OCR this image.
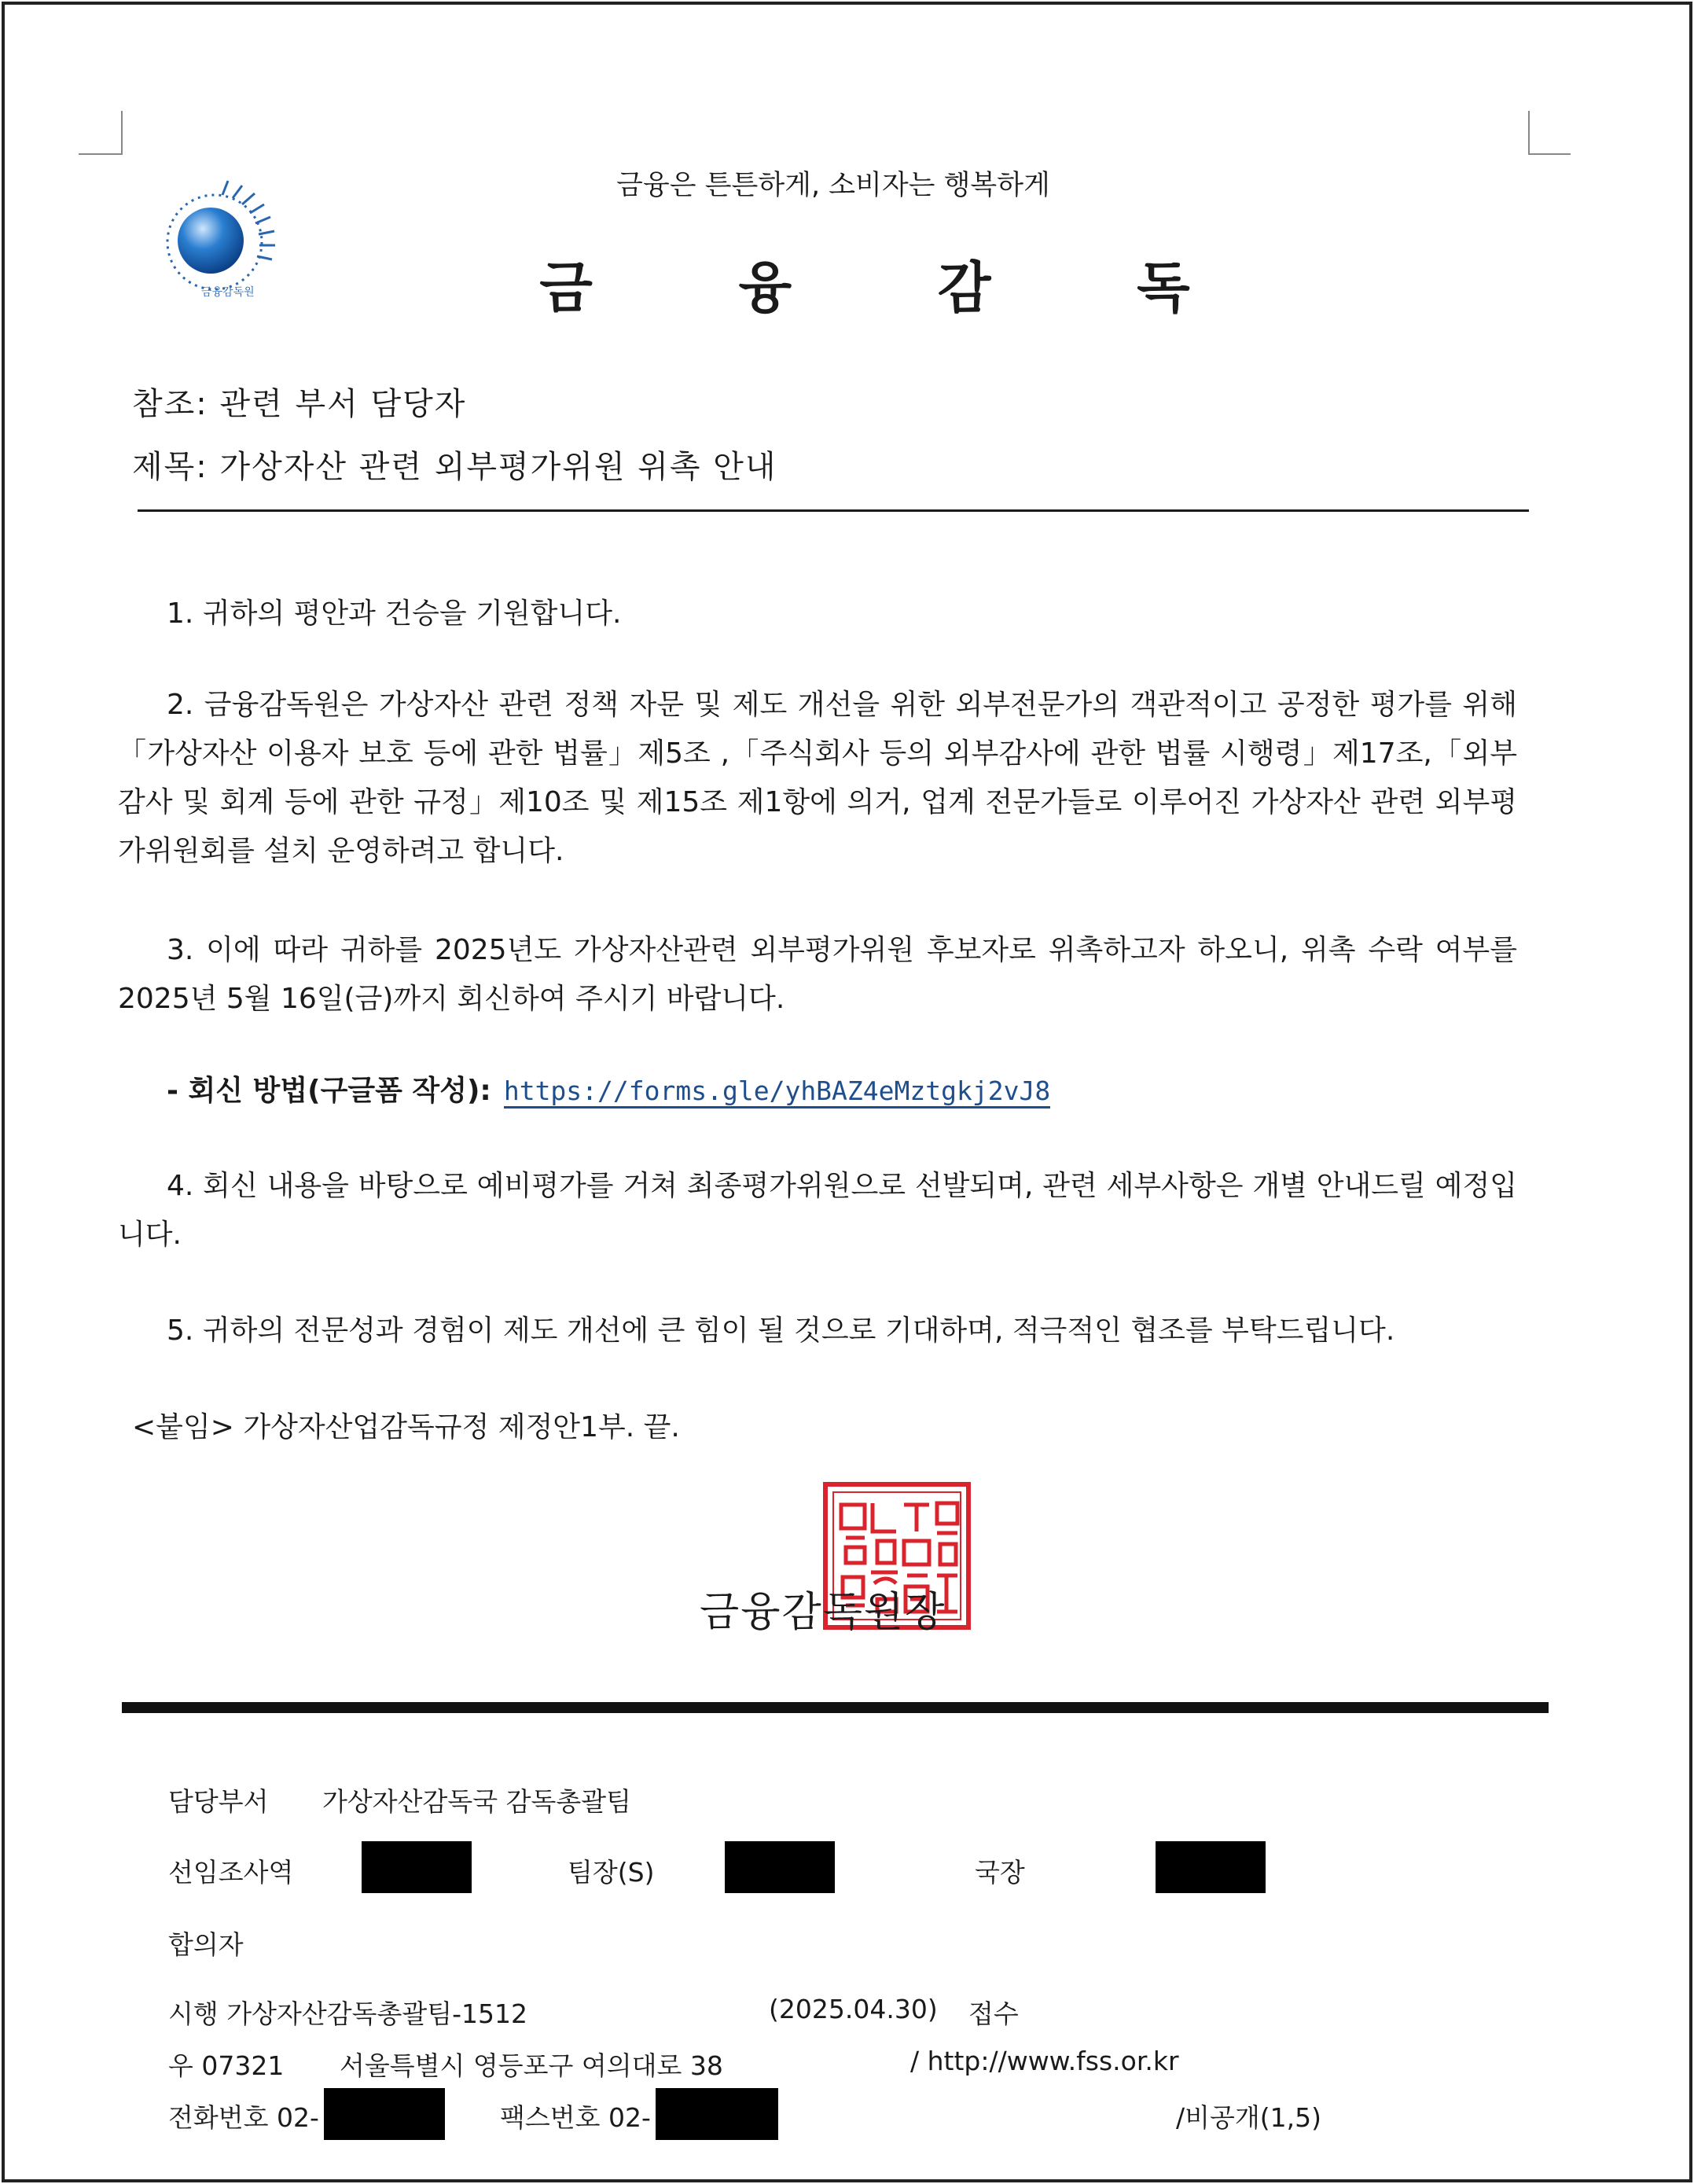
금융감독원
금융은 튼튼하게, 소비자는 행복하게
금	융	감	독
참조: 관련 부서 담당자
제목: 가상자산 관련 외부평가위원 위촉 안내
1. 귀하의 평안과 건승을 기원합니다.
2. 금융감독원은 가상자산 관련 정책 자문 및 제도 개선을 위한 외부전문가의 객관적이고 공정한 평가를 위해「가상자산 이용자 보호 등에 관한 법률」제5조 ,「주식회사 등의 외부감사에 관한 법률 시행령」제17조,「외부감사 및 회계 등에 관한 규정」제10조 및 제15조 제1항에 의거, 업계 전문가들로 이루어진 가상자산 관련 외부평가위원회를 설치 운영하려고 합니다.
3. 이에 따라 귀하를 2025년도 가상자산관련 외부평가위원 후보자로 위촉하고자 하오니, 위촉 수락 여부를 2025년 5월 16일(금)까지 회신하여 주시기 바랍니다.
- 회신 방법(구글폼 작성): https://forms.gle/yhBAZ4eMztgkj2vJ8
4. 회신 내용을 바탕으로 예비평가를 거쳐 최종평가위원으로 선발되며, 관련 세부사항은 개별 안내드릴 예정입니다.
5. 귀하의 전문성과 경험이 제도 개선에 큰 힘이 될 것으로 기대하며, 적극적인 협조를 부탁드립니다.
<붙임> 가상자산업감독규정 제정안1부. 끝.
금융감독원장
담당부서 가상자산감독국 감독총괄팀
선임조사역	팀장(S)	국장
합의자
시행 가상자산감독총괄팀-1512	(2025.04.30) 접수
우 07321 서울특별시 영등포구 여의대로 38	/ http://www.fss.or.kr
전화번호 02-	팩스번호 02-	/비공개(1,5)
